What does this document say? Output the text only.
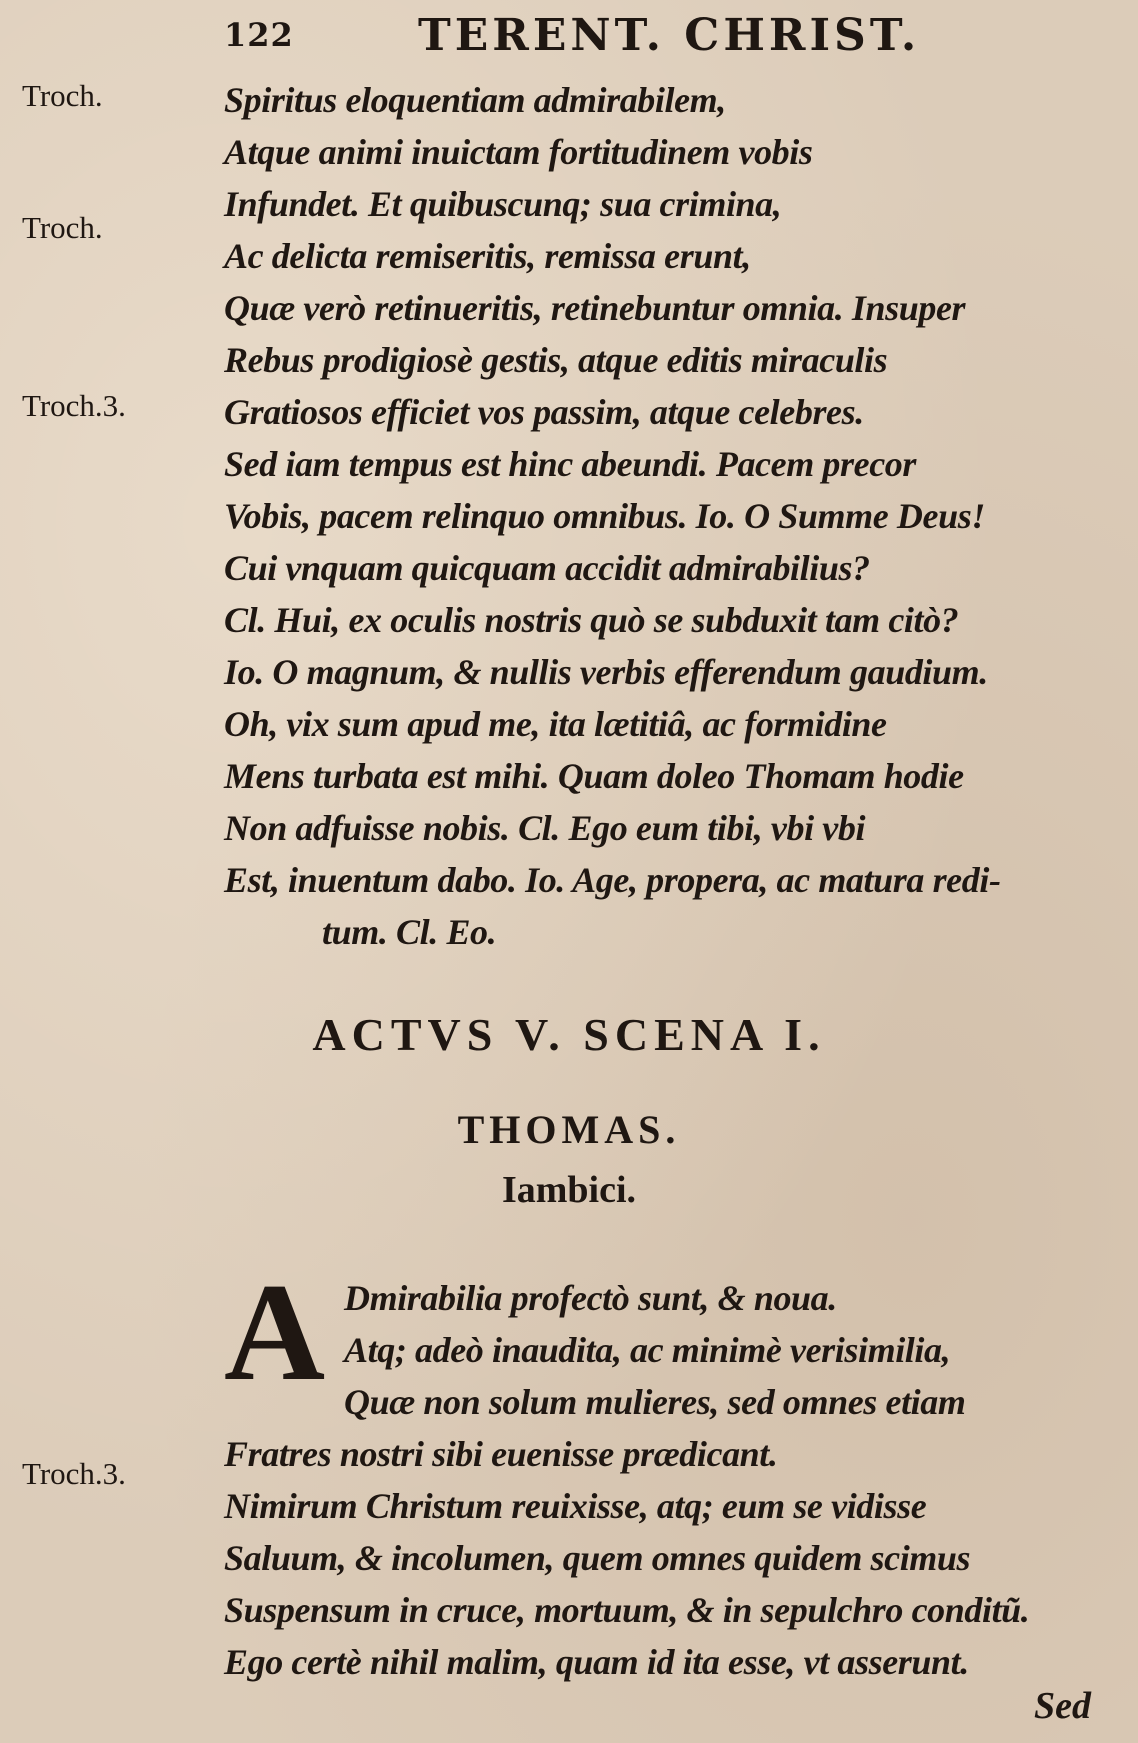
122	TERENT. CHRIST.
Troch.
Troch.
Troch.3.
Troch.3.
Spiritus eloquentiam admirabilem,
Atque animi inuictam fortitudinem vobis
Infundet. Et quibuscunq; sua crimina,
Ac delicta remiseritis, remissa erunt,
Quæ verò retinueritis, retinebuntur omnia. Insuper
Rebus prodigiosè gestis, atque editis miraculis
Gratiosos efficiet vos passim, atque celebres.
Sed iam tempus est hinc abeundi. Pacem precor
Vobis, pacem relinquo omnibus. Io. O Summe Deus!
Cui vnquam quicquam accidit admirabilius?
Cl. Hui, ex oculis nostris quò se subduxit tam citò?
Io. O magnum, & nullis verbis efferendum gaudium.
Oh, vix sum apud me, ita lætitiâ, ac formidine
Mens turbata est mihi. Quam doleo Thomam hodie
Non adfuisse nobis. Cl. Ego eum tibi, vbi vbi
Est, inuentum dabo. Io. Age, propera, ac matura redi-
tum. Cl. Eo.
ACTVS V. SCENA I.
THOMAS.
Iambici.
A Dmirabilia profectò sunt, & noua.
Atq; adeò inaudita, ac minimè verisimilia,
Quæ non solum mulieres, sed omnes etiam
Fratres nostri sibi euenisse prædicant.
Nimirum Christum reuixisse, atq; eum se vidisse
Saluum, & incolumen, quem omnes quidem scimus
Suspensum in cruce, mortuum, & in sepulchro conditũ.
Ego certè nihil malim, quam id ita esse, vt asserunt.
Sed
